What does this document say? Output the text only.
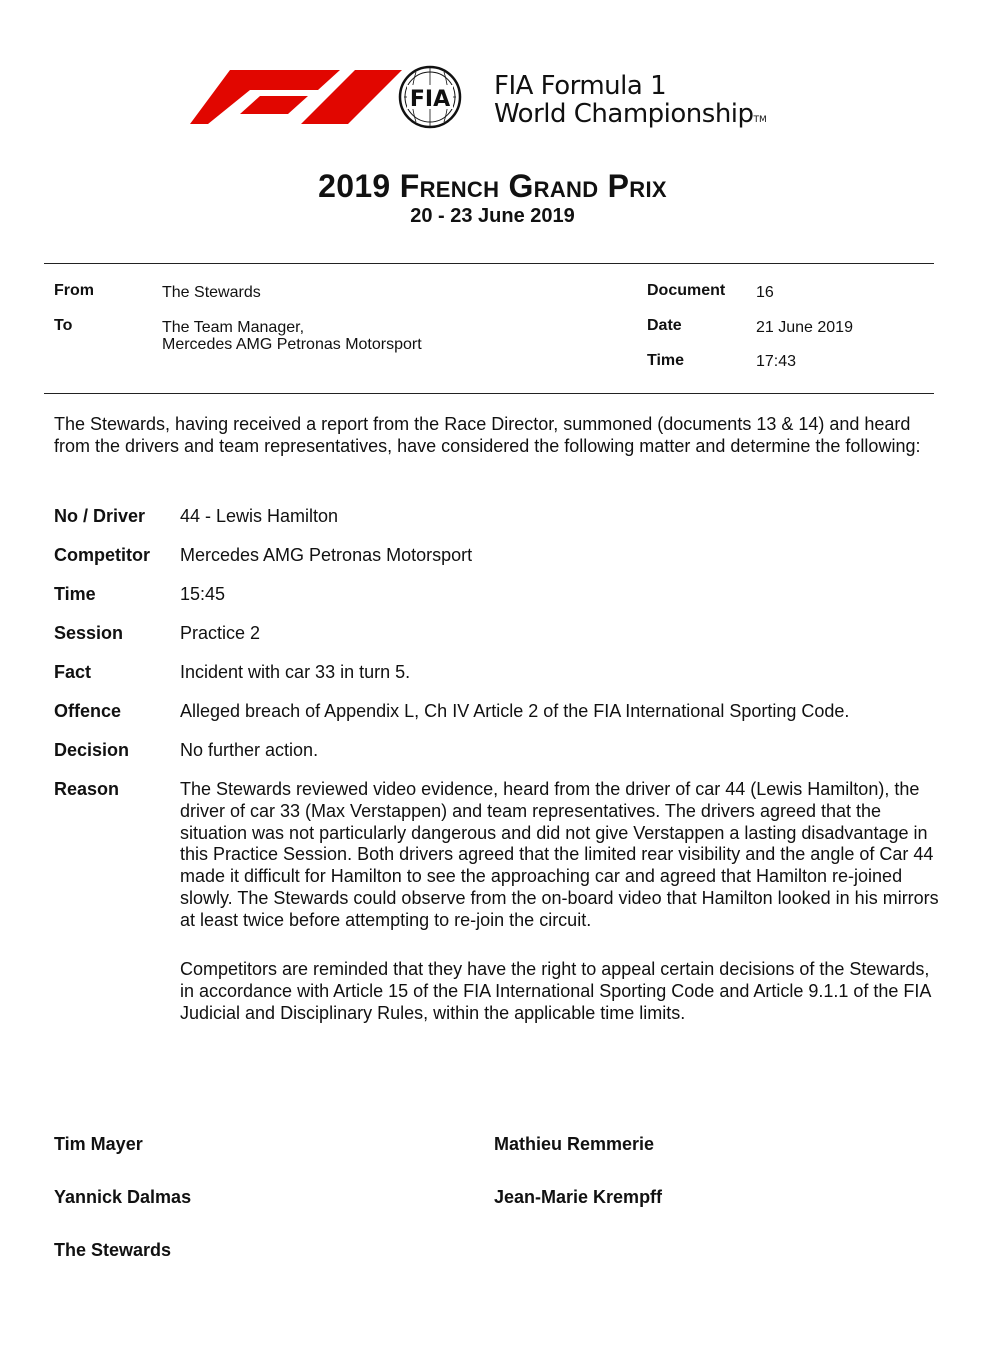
FIA FIA Formula 1
World ChampionshipTM
2019 French Grand Prix
20 - 23 June 2019
From	The Stewards
To	The Team Manager,
Mercedes AMG Petronas Motorsport
Document 16
Date	21 June 2019
Time	17:43
The Stewards, having received a report from the Race Director, summoned (documents 13 & 14) and heard from the drivers and team representatives, have considered the following matter and determine the following:
No / Driver 44 - Lewis Hamilton
Competitor Mercedes AMG Petronas Motorsport
Time	15:45
Session	Practice 2
Fact	Incident with car 33 in turn 5.
Offence	Alleged breach of Appendix L, Ch IV Article 2 of the FIA International Sporting Code.
Decision	No further action.
Reason	The Stewards reviewed video evidence, heard from the driver of car 44 (Lewis Hamilton), the driver of car 33 (Max Verstappen) and team representatives. The drivers agreed that the situation was not particularly dangerous and did not give Verstappen a lasting disadvantage in this Practice Session. Both drivers agreed that the limited rear visibility and the angle of Car 44 made it difficult for Hamilton to see the approaching car and agreed that Hamilton re-joined slowly. The Stewards could observe from the on-board video that Hamilton looked in his mirrors at least twice before attempting to re-join the circuit.
Competitors are reminded that they have the right to appeal certain decisions of the Stewards, in accordance with Article 15 of the FIA International Sporting Code and Article 9.1.1 of the FIA Judicial and Disciplinary Rules, within the applicable time limits.
Tim Mayer	Mathieu Remmerie
Yannick Dalmas	Jean-Marie Krempff
The Stewards
